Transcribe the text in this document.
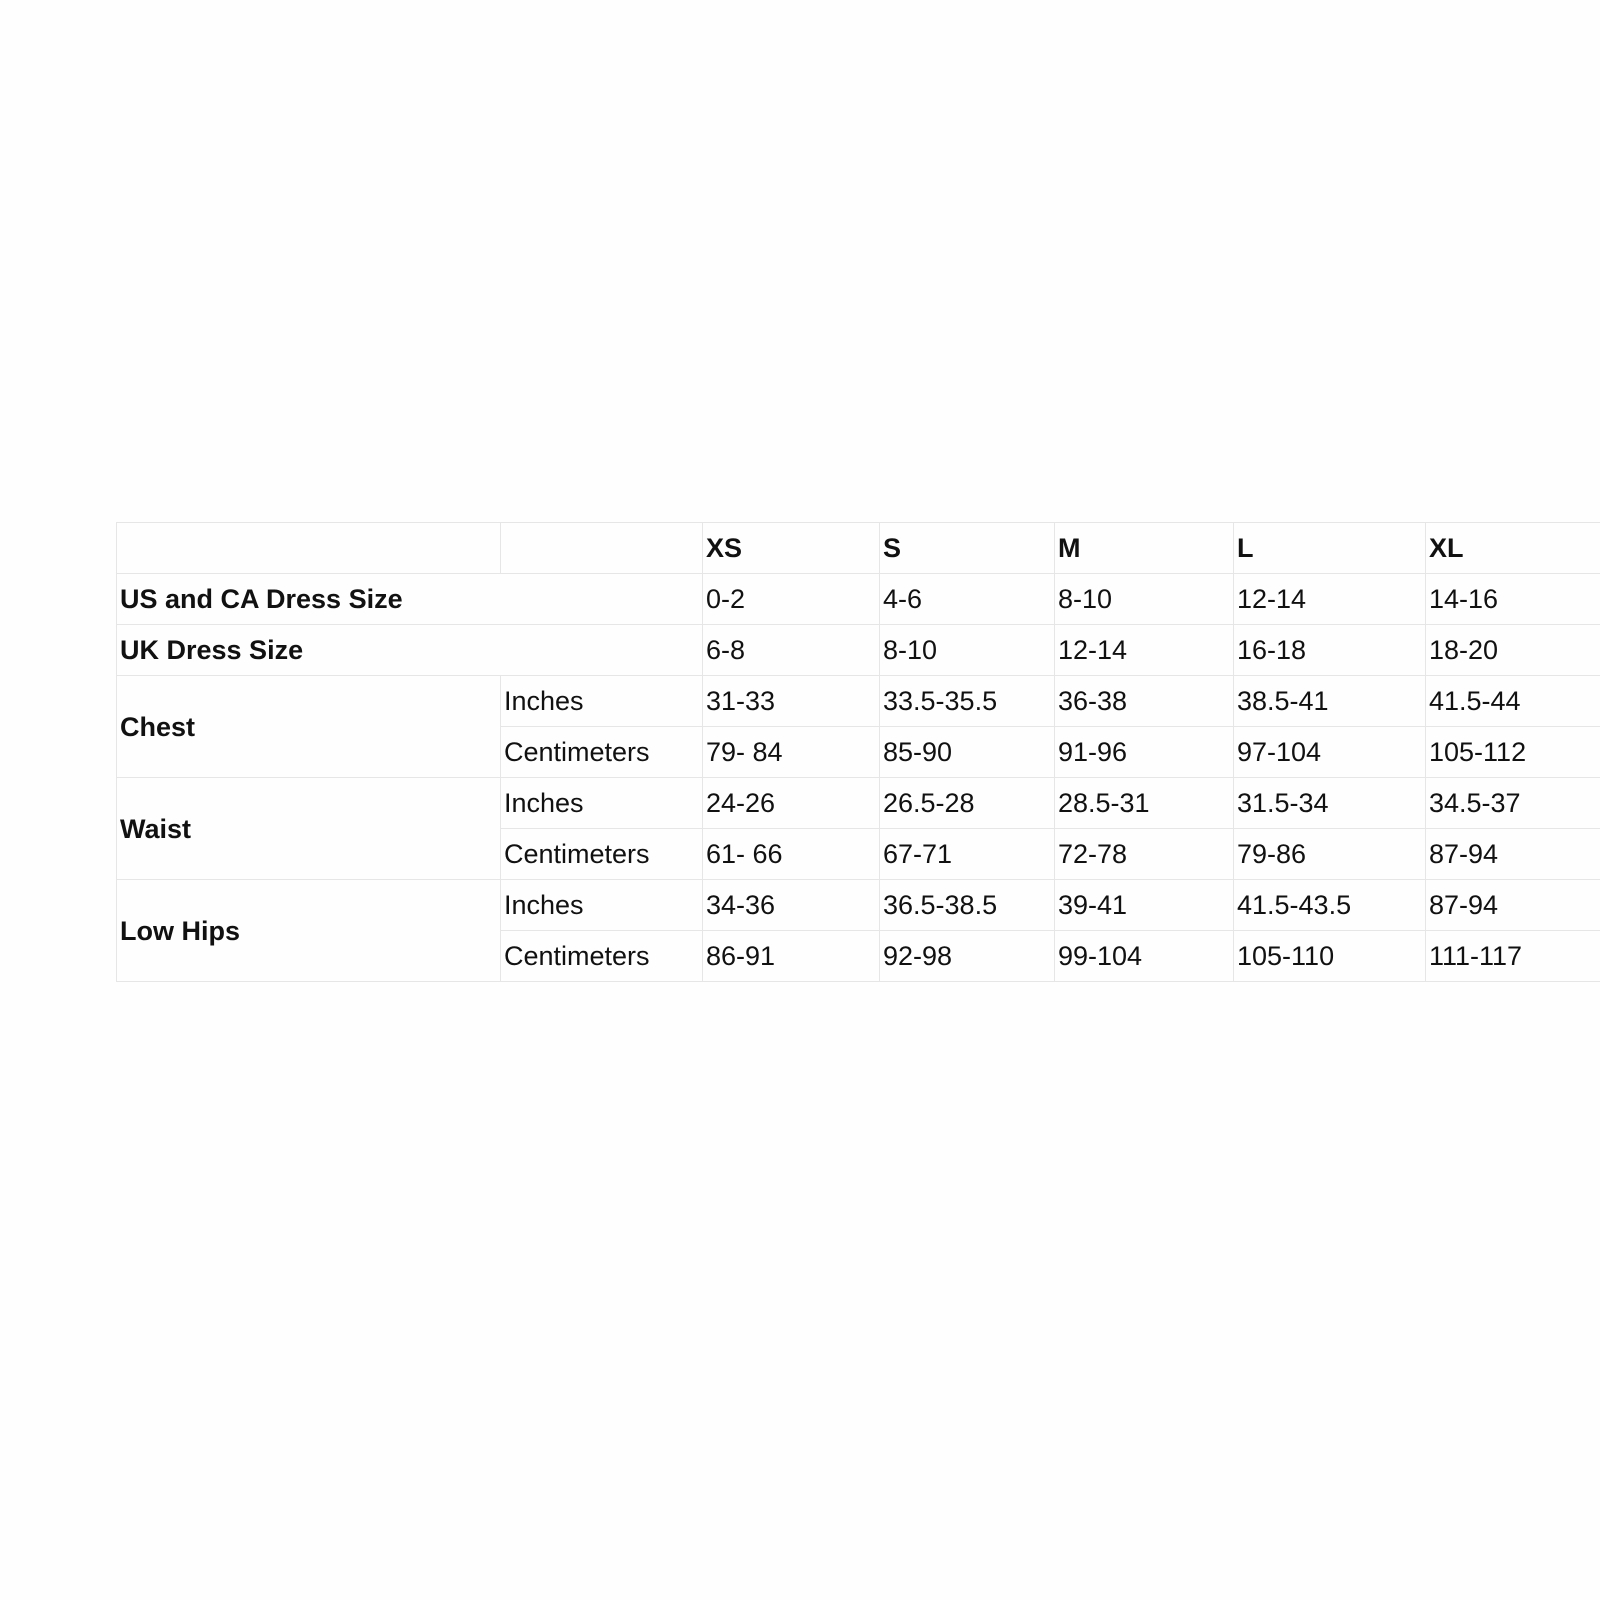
		XS	S	M	L	XL
US and CA Dress Size		0-2	4-6	8-10	12-14	14-16
UK Dress Size		6-8	8-10	12-14	16-18	18-20
Chest	Inches	31-33	33.5-35.5	36-38	38.5-41	41.5-44
	Centimeters	79- 84	85-90	91-96	97-104	105-112
Waist	Inches	24-26	26.5-28	28.5-31	31.5-34	34.5-37
	Centimeters	61- 66	67-71	72-78	79-86	87-94
Low Hips	Inches	34-36	36.5-38.5	39-41	41.5-43.5	87-94
	Centimeters	86-91	92-98	99-104	105-110	111-117
